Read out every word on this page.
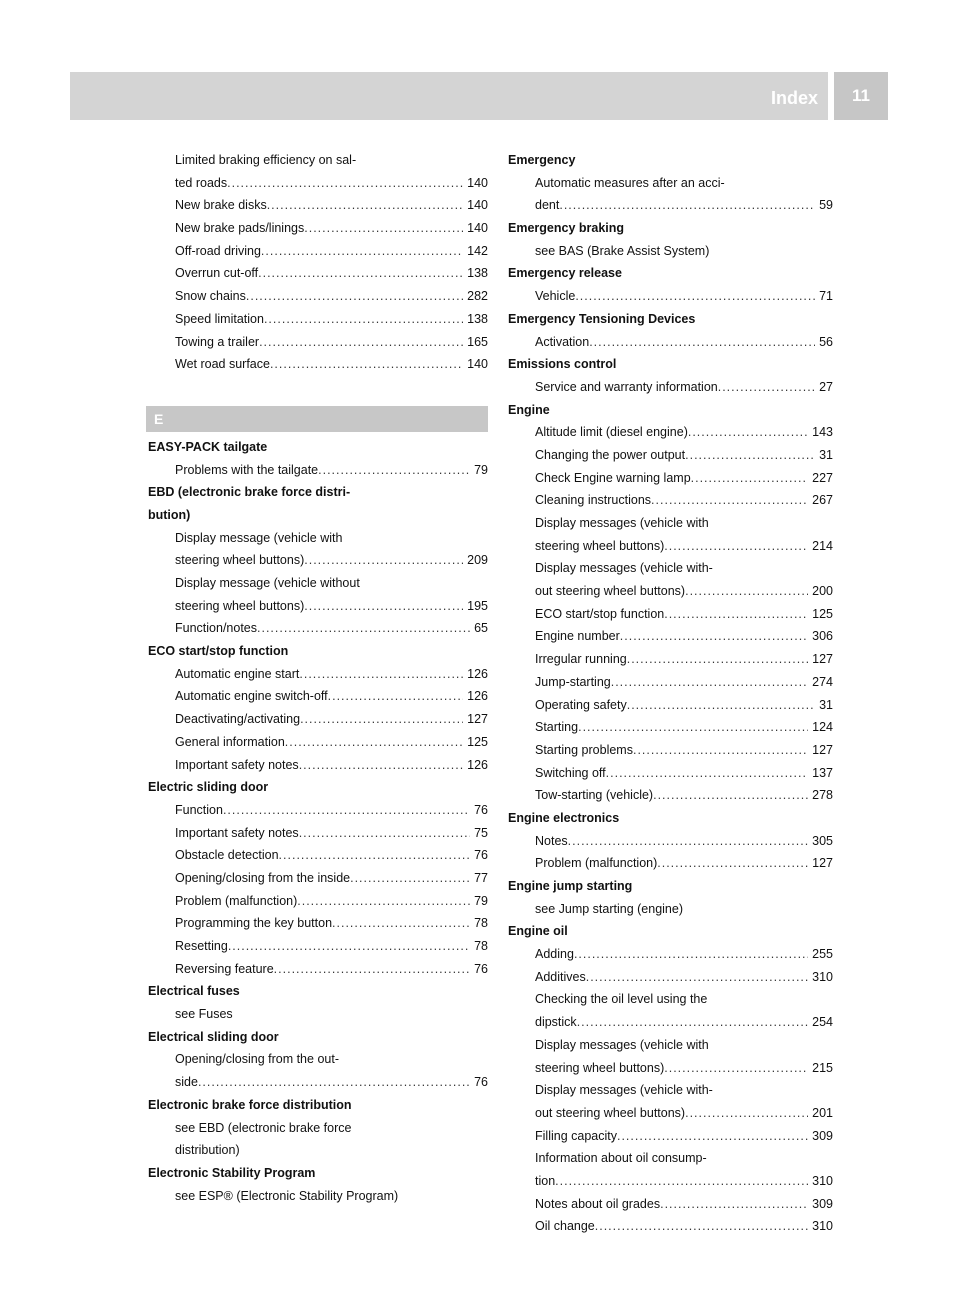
Index	11
Limited braking efficiency on sal-
ted roads .....	140
New brake disks .....	140
New brake pads/linings .....	140
Off-road driving .....	142
Overrun cut-off .....	138
Snow chains .....	282
Speed limitation .....	138
Towing a trailer .....	165
Wet road surface .....	140
E
EASY-PACK tailgate
Problems with the tailgate .....	79
EBD (electronic brake force distri-
bution)
Display message (vehicle with
steering wheel buttons) .....	209
Display message (vehicle without
steering wheel buttons) .....	195
Function/notes .....	65
ECO start/stop function
Automatic engine start .....	126
Automatic engine switch-off .....	126
Deactivating/activating .....	127
General information .....	125
Important safety notes .....	126
Electric sliding door
Function .....	76
Important safety notes .....	75
Obstacle detection .....	76
Opening/closing from the inside .....	77
Problem (malfunction) .....	79
Programming the key button .....	78
Resetting .....	78
Reversing feature .....	76
Electrical fuses
see Fuses
Electrical sliding door
Opening/closing from the out-
side .....	76
Electronic brake force distribution
see EBD (electronic brake force
distribution)
Electronic Stability Program
see ESP® (Electronic Stability Program)
Emergency
Automatic measures after an acci-
dent .....	59
Emergency braking
see BAS (Brake Assist System)
Emergency release
Vehicle .....	71
Emergency Tensioning Devices
Activation .....	56
Emissions control
Service and warranty information .....	27
Engine
Altitude limit (diesel engine) .....	143
Changing the power output .....	31
Check Engine warning lamp .....	227
Cleaning instructions .....	267
Display messages (vehicle with
steering wheel buttons) .....	214
Display messages (vehicle with-
out steering wheel buttons) .....	200
ECO start/stop function .....	125
Engine number .....	306
Irregular running .....	127
Jump-starting .....	274
Operating safety .....	31
Starting .....	124
Starting problems .....	127
Switching off .....	137
Tow-starting (vehicle) .....	278
Engine electronics
Notes .....	305
Problem (malfunction) .....	127
Engine jump starting
see Jump starting (engine)
Engine oil
Adding .....	255
Additives .....	310
Checking the oil level using the
dipstick .....	254
Display messages (vehicle with
steering wheel buttons) .....	215
Display messages (vehicle with-
out steering wheel buttons) .....	201
Filling capacity .....	309
Information about oil consump-
tion .....	310
Notes about oil grades .....	309
Oil change .....	310
